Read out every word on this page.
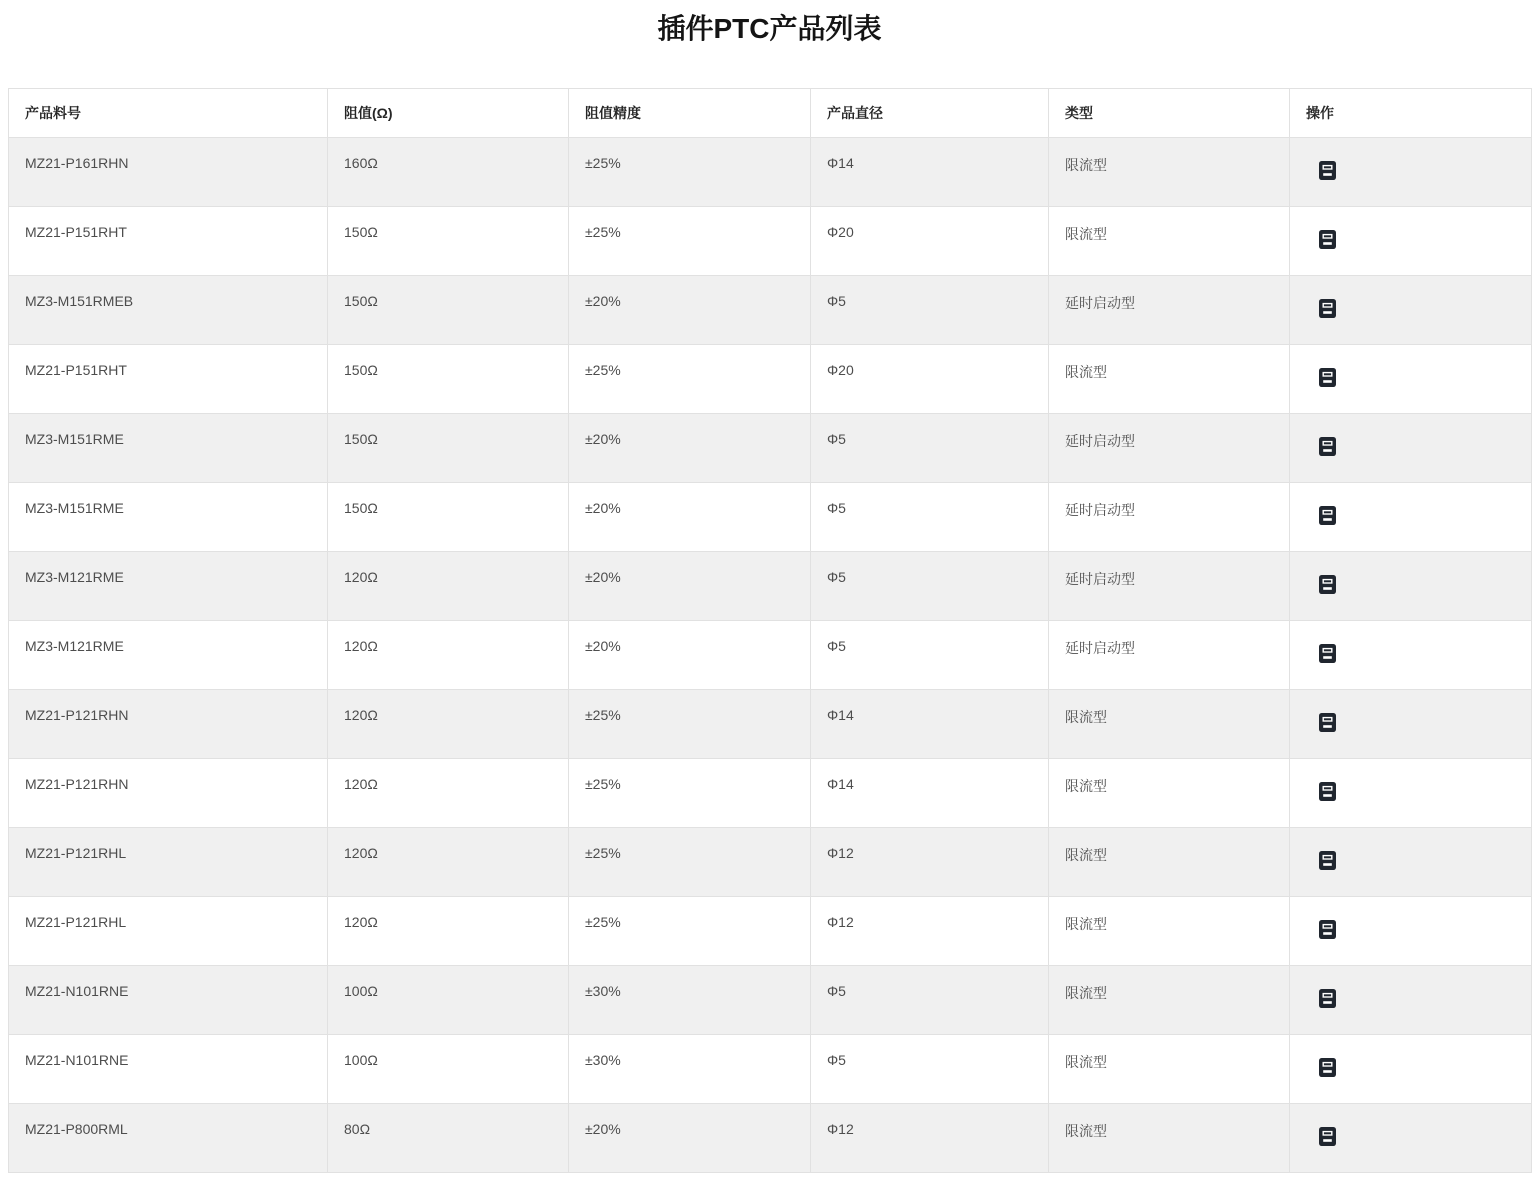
插件PTC产品列表
产品料号	阻值(Ω)	阻值精度	产品直径	类型	操作
MZ21-P161RHN	160Ω	±25%	Φ14	限流型	

MZ21-P151RHT	150Ω	±25%	Φ20	限流型	

MZ3-M151RMEB	150Ω	±20%	Φ5	延时启动型	

MZ21-P151RHT	150Ω	±25%	Φ20	限流型	

MZ3-M151RME	150Ω	±20%	Φ5	延时启动型	

MZ3-M151RME	150Ω	±20%	Φ5	延时启动型	

MZ3-M121RME	120Ω	±20%	Φ5	延时启动型	

MZ3-M121RME	120Ω	±20%	Φ5	延时启动型	

MZ21-P121RHN	120Ω	±25%	Φ14	限流型	

MZ21-P121RHN	120Ω	±25%	Φ14	限流型	

MZ21-P121RHL	120Ω	±25%	Φ12	限流型	

MZ21-P121RHL	120Ω	±25%	Φ12	限流型	

MZ21-N101RNE	100Ω	±30%	Φ5	限流型	

MZ21-N101RNE	100Ω	±30%	Φ5	限流型	

MZ21-P800RML	80Ω	±20%	Φ12	限流型	
